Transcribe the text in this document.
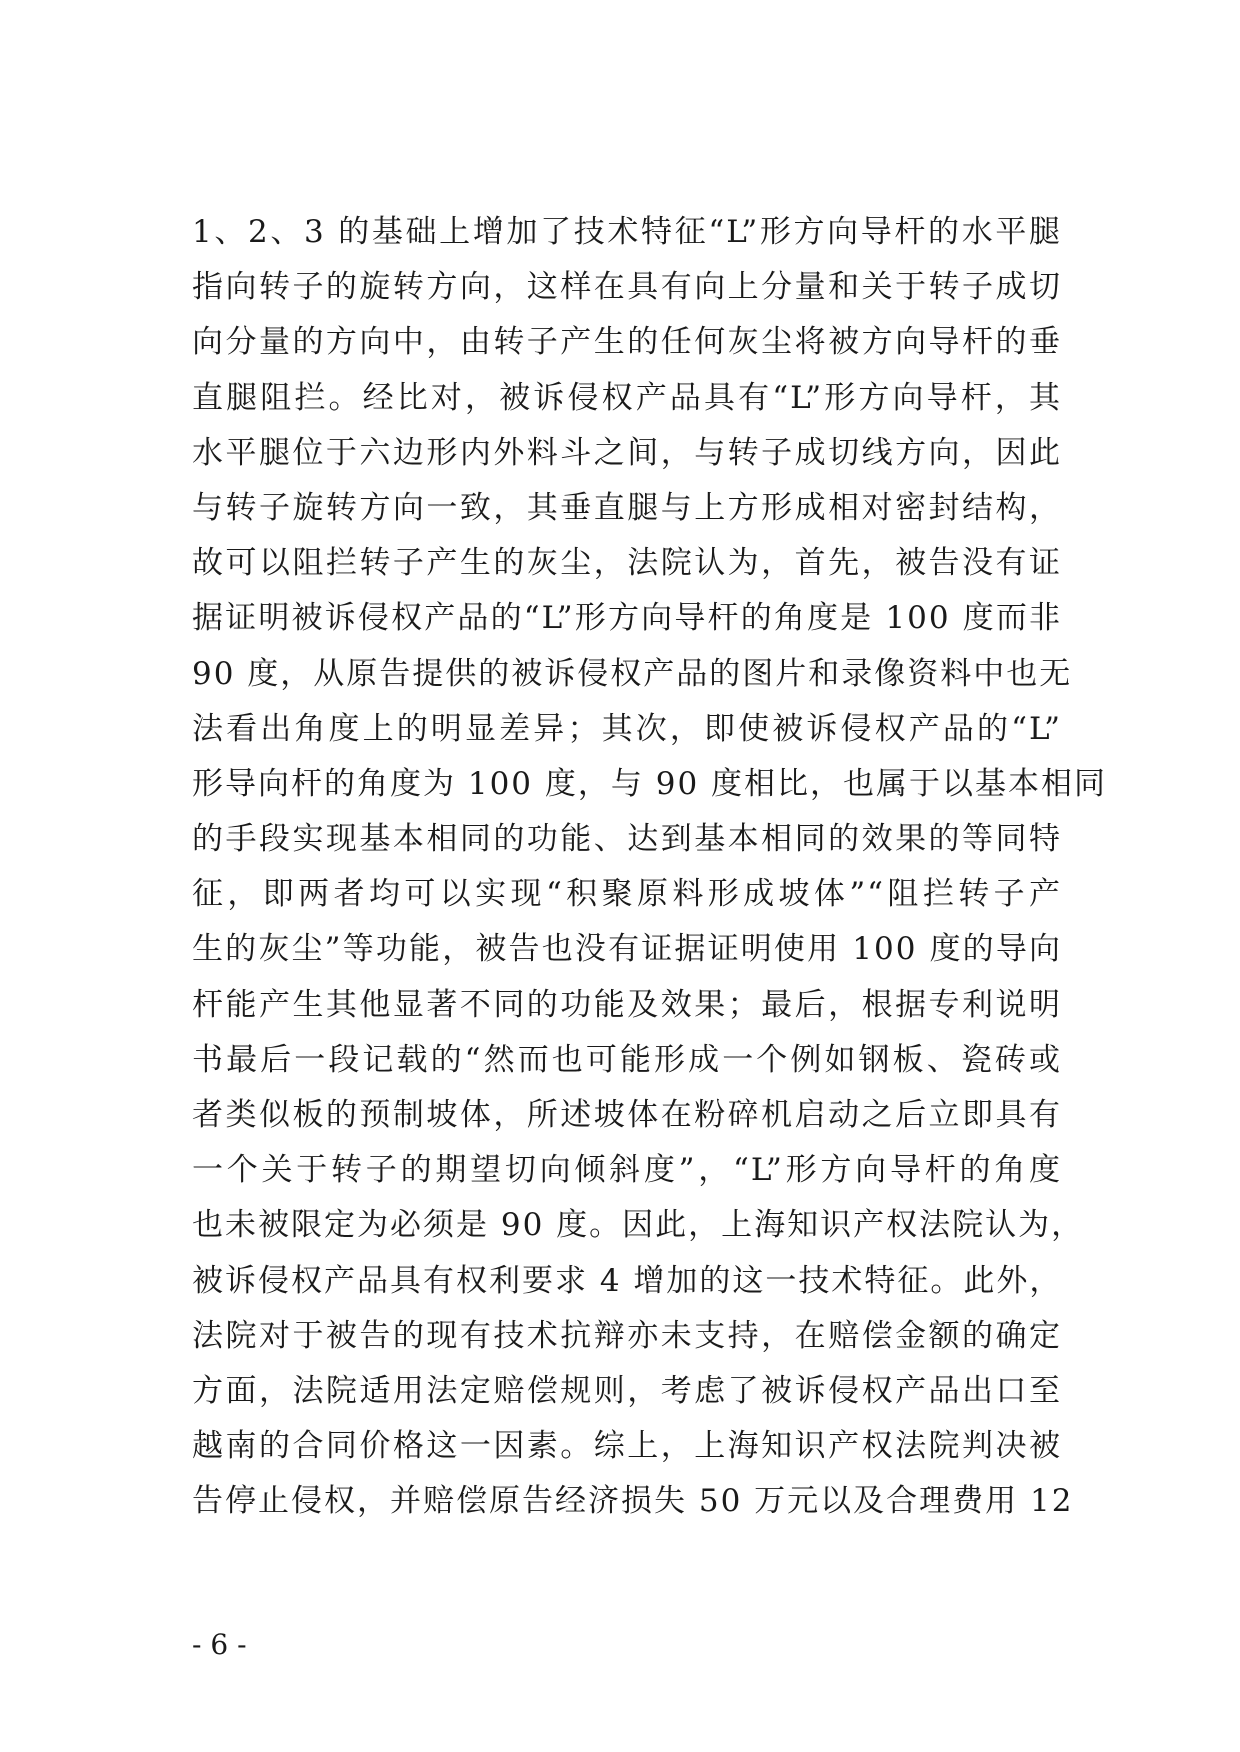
1、2、3 的基础上增加了技术特征“L”形方向导杆的水平腿
指向转子的旋转方向，这样在具有向上分量和关于转子成切
向分量的方向中，由转子产生的任何灰尘将被方向导杆的垂
直腿阻拦。经比对，被诉侵权产品具有“L”形方向导杆，其
水平腿位于六边形内外料斗之间，与转子成切线方向，因此
与转子旋转方向一致，其垂直腿与上方形成相对密封结构，
故可以阻拦转子产生的灰尘，法院认为，首先，被告没有证
据证明被诉侵权产品的“L”形方向导杆的角度是 100 度而非
90 度，从原告提供的被诉侵权产品的图片和录像资料中也无
法看出角度上的明显差异；其次，即使被诉侵权产品的“L”
形导向杆的角度为 100 度，与 90 度相比，也属于以基本相同
的手段实现基本相同的功能、达到基本相同的效果的等同特
征，即两者均可以实现“积聚原料形成坡体”“阻拦转子产
生的灰尘”等功能，被告也没有证据证明使用 100 度的导向
杆能产生其他显著不同的功能及效果；最后，根据专利说明
书最后一段记载的“然而也可能形成一个例如钢板、瓷砖或
者类似板的预制坡体，所述坡体在粉碎机启动之后立即具有
一个关于转子的期望切向倾斜度”，“L”形方向导杆的角度
也未被限定为必须是 90 度。因此，上海知识产权法院认为，
被诉侵权产品具有权利要求 4 增加的这一技术特征。此外，
法院对于被告的现有技术抗辩亦未支持，在赔偿金额的确定
方面，法院适用法定赔偿规则，考虑了被诉侵权产品出口至
越南的合同价格这一因素。综上，上海知识产权法院判决被
告停止侵权，并赔偿原告经济损失 50 万元以及合理费用 12
- 6 -
